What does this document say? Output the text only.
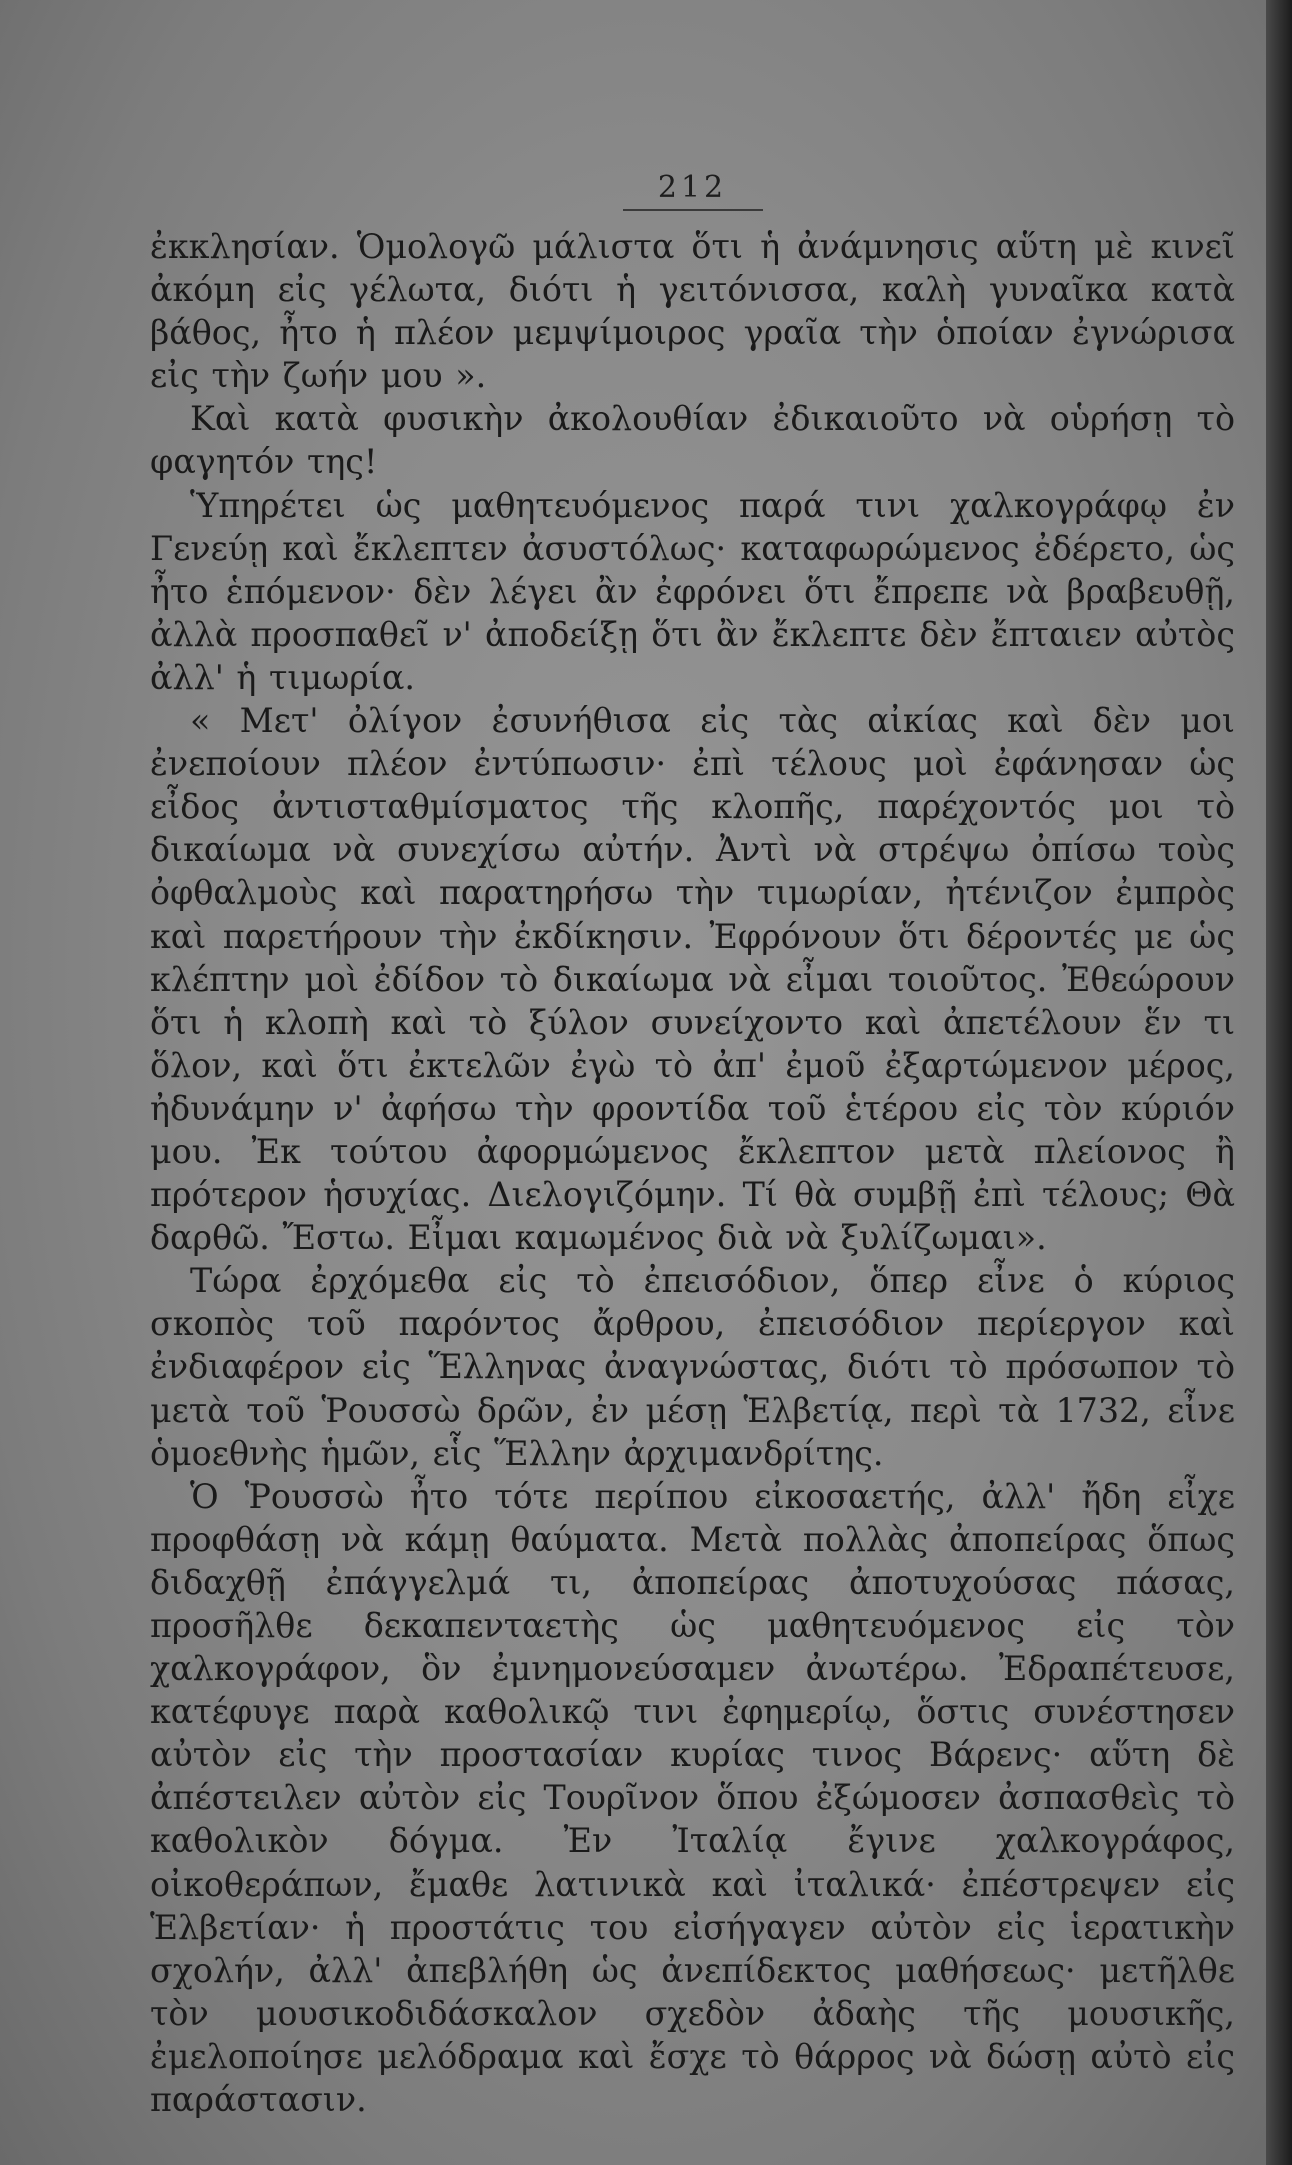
212

ἐκκλησίαν. Ὁμολογῶ μάλιστα ὅτι ἡ ἀνάμνησις αὕτη μὲ κινεῖ ἀκόμη εἰς γέλωτα, διότι ἡ γειτόνισσα, καλὴ γυναῖκα κατὰ βάθος, ἦτο ἡ πλέον μεμψίμοιρος γραῖα τὴν ὁποίαν ἐγνώρισα εἰς τὴν ζωήν μου ».

Καὶ κατὰ φυσικὴν ἀκολουθίαν ἐδικαιοῦτο νὰ οὑρήσῃ τὸ φαγητόν της!

Ὑπηρέτει ὡς μαθητευόμενος παρά τινι χαλκογράφῳ ἐν Γενεύῃ καὶ ἔκλεπτεν ἀσυστόλως· καταφωρώμενος ἐδέρετο, ὡς ἦτο ἑπόμενον· δὲν λέγει ἂν ἐφρόνει ὅτι ἔπρεπε νὰ βραβευθῇ, ἀλλὰ προσπαθεῖ ν' ἀποδείξῃ ὅτι ἂν ἔκλεπτε δὲν ἔπταιεν αὐτὸς ἀλλ' ἡ τιμωρία.

« Μετ' ὀλίγον ἐσυνήθισα εἰς τὰς αἰκίας καὶ δὲν μοι ἐνεποίουν πλέον ἐντύπωσιν· ἐπὶ τέλους μοὶ ἐφάνησαν ὡς εἶδος ἀντισταθμίσματος τῆς κλοπῆς, παρέχοντός μοι τὸ δικαίωμα νὰ συνεχίσω αὐτήν. Ἀντὶ νὰ στρέψω ὀπίσω τοὺς ὀφθαλμοὺς καὶ παρατηρήσω τὴν τιμωρίαν, ἠτένιζον ἐμπρὸς καὶ παρετήρουν τὴν ἐκδίκησιν. Ἐφρόνουν ὅτι δέροντές με ὡς κλέπτην μοὶ ἐδίδον τὸ δικαίωμα νὰ εἶμαι τοιοῦτος. Ἐθεώρουν ὅτι ἡ κλοπὴ καὶ τὸ ξύλον συνείχοντο καὶ ἀπετέλουν ἕν τι ὅλον, καὶ ὅτι ἐκτελῶν ἐγὼ τὸ ἀπ' ἐμοῦ ἐξαρτώμενον μέρος, ἠδυνάμην ν' ἀφήσω τὴν φροντίδα τοῦ ἑτέρου εἰς τὸν κύριόν μου. Ἐκ τούτου ἀφορμώμενος ἔκλεπτον μετὰ πλείονος ἢ πρότερον ἡσυχίας. Διελογιζόμην. Τί θὰ συμβῇ ἐπὶ τέλους; Θὰ δαρθῶ. Ἔστω. Εἶμαι καμωμένος διὰ νὰ ξυλίζωμαι».

Τώρα ἐρχόμεθα εἰς τὸ ἐπεισόδιον, ὅπερ εἶνε ὁ κύριος σκοπὸς τοῦ παρόντος ἄρθρου, ἐπεισόδιον περίεργον καὶ ἐνδιαφέρον εἰς Ἕλληνας ἀναγνώστας, διότι τὸ πρόσωπον τὸ μετὰ τοῦ Ῥουσσὼ δρῶν, ἐν μέσῃ Ἑλβετίᾳ, περὶ τὰ 1732, εἶνε ὁμοεθνὴς ἡμῶν, εἷς Ἕλλην ἀρχιμανδρίτης.

Ὁ Ῥουσσὼ ἦτο τότε περίπου εἰκοσαετής, ἀλλ' ἤδη εἶχε προφθάσῃ νὰ κάμῃ θαύματα. Μετὰ πολλὰς ἀποπείρας ὅπως διδαχθῇ ἐπάγγελμά τι, ἀποπείρας ἀποτυχούσας πάσας, προσῆλθε δεκαπενταετὴς ὡς μαθητευόμενος εἰς τὸν χαλκογράφον, ὃν ἐμνημονεύσαμεν ἀνωτέρω. Ἐδραπέτευσε, κατέφυγε παρὰ καθολικῷ τινι ἐφημερίῳ, ὅστις συνέστησεν αὐτὸν εἰς τὴν προστασίαν κυρίας τινος Βάρενς· αὕτη δὲ ἀπέστειλεν αὐτὸν εἰς Τουρῖνον ὅπου ἐξώμοσεν ἀσπασθεὶς τὸ καθολικὸν δόγμα. Ἐν Ἰταλίᾳ ἔγινε χαλκογράφος, οἰκοθεράπων, ἔμαθε λατινικὰ καὶ ἰταλικά· ἐπέστρεψεν εἰς Ἑλβετίαν· ἡ προστάτις του εἰσήγαγεν αὐτὸν εἰς ἱερατικὴν σχολήν, ἀλλ' ἀπεβλήθη ὡς ἀνεπίδεκτος μαθήσεως· μετῆλθε τὸν μουσικοδιδάσκαλον σχεδὸν ἀδαὴς τῆς μουσικῆς, ἐμελοποίησε μελόδραμα καὶ ἔσχε τὸ θάρρος νὰ δώσῃ αὐτὸ εἰς παράστασιν.
